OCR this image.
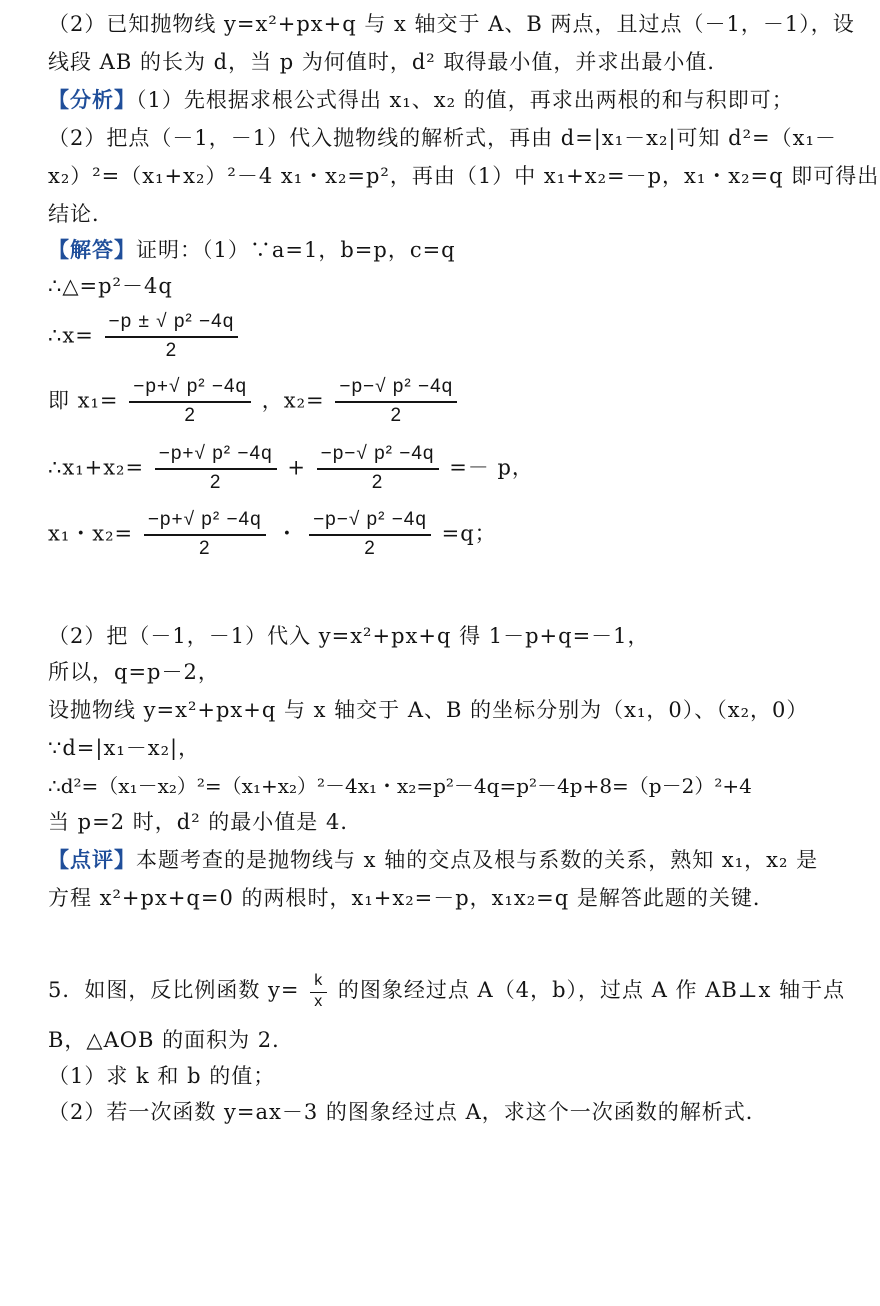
（2）已知抛物线 y=x²+px+q 与 x 轴交于 A、B 两点，且过点（－1，－1），设
线段 AB 的长为 d，当 p 为何值时，d² 取得最小值，并求出最小值．
【分析】（1）先根据求根公式得出 x₁、x₂ 的值，再求出两根的和与积即可；
（2）把点（－1，－1）代入抛物线的解析式，再由 d=|x₁－x₂|可知 d²=（x₁－
x₂）²=（x₁+x₂）²－4 x₁・x₂=p²，再由（1）中 x₁+x₂=－p，x₁・x₂=q 即可得出
结论．
【解答】证明：（1）∵a=1，b=p，c=q
∴△=p²－4q
∴x= $\frac{\text{−p ± √ p² −4q}}{2}$
即 $x_1= \frac{\text{−p+√ p² −4q}}{2}$ ，$x_2= \frac{\text{−p−√ p² −4q}}{2}$
∴x₁+x₂= $\frac{\text{−p+√ p² −4q}}{2} + \frac{\text{−p−√ p² −4q}}{2} =- p$，
x₁・$x_2= \frac{\text{−p+√ p² −4q}}{2}$ ・ $\frac{\text{−p−√ p² −4q}}{2} =q$；
（2）把（－1，－1）代入 y=x²+px+q 得 1－p+q=－1，
所以，q=p－2，
设抛物线 y=x²+px+q 与 x 轴交于 A、B 的坐标分别为（x₁，0）、（x₂，0）
∵d=|x₁－x₂|，
∴d²=（x₁－x₂）²=（x₁+x₂）²－4x₁・x₂=p²－4q=p²－4p+8=（p－2）²+4
当 p=2 时，d² 的最小值是 4．
【点评】本题考查的是抛物线与 x 轴的交点及根与系数的关系，熟知 x₁，x₂ 是
方程 x²+px+q=0 的两根时，x₁+x₂=－p，x₁x₂=q 是解答此题的关键．
5．如图，反比例函数 $y= \frac{k}{x}$ 的图象经过点 A（4，b），过点 A 作 AB⊥x 轴于点
B，△AOB 的面积为 2．
（1）求 k 和 b 的值；
（2）若一次函数 y=ax－3 的图象经过点 A，求这个一次函数的解析式．
